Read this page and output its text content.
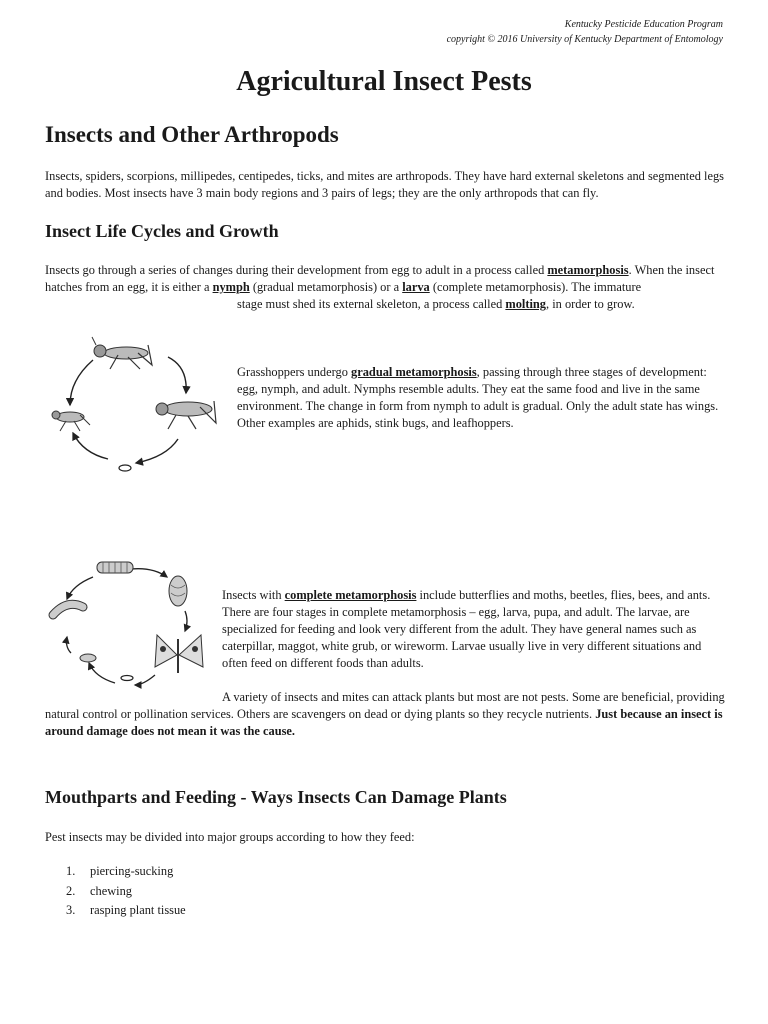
Kentucky Pesticide Education Program
copyright © 2016 University of Kentucky Department of Entomology
Agricultural Insect Pests
Insects and Other Arthropods

Insects, spiders, scorpions, millipedes, centipedes, ticks, and mites are arthropods. They have hard external skeletons and segmented legs and bodies. Most insects have 3 main body regions and 3 pairs of legs; they are the only arthropods that can fly.

Insect Life Cycles and Growth

Insects go through a series of changes during their development from egg to adult in a process called metamorphosis. When the insect hatches from an egg, it is either a nymph (gradual metamorphosis) or a larva (complete metamorphosis). The immature

stage must shed its external skeleton, a process called molting, in order to grow.

Grasshoppers undergo gradual metamorphosis, passing through three stages of development: egg, nymph, and adult. Nymphs resemble adults. They eat the same food and live in the same environment. The change in form from nymph to adult is gradual. Only the adult state has wings. Other examples are aphids, stink bugs, and leafhoppers.

Insects with complete metamorphosis include butterflies and moths, beetles, flies, bees, and ants. There are four stages in complete metamorphosis – egg, larva, pupa, and adult. The larvae, are specialized for feeding and look very different from the adult. They have general names such as caterpillar, maggot, white grub, or wireworm. Larvae usually live in very different situations and often feed on different foods than adults.

A variety of insects and mites can attack plants but most are not pests. Some are beneficial, providing natural control or pollination services. Others are scavengers on dead or dying plants so they recycle nutrients. Just because an insect is around damage does not mean it was the cause.

Mouthparts and Feeding - Ways Insects Can Damage Plants

Pest insects may be divided into major groups according to how they feed:

1. piercing-sucking
2. chewing
3. rasping plant tissue
